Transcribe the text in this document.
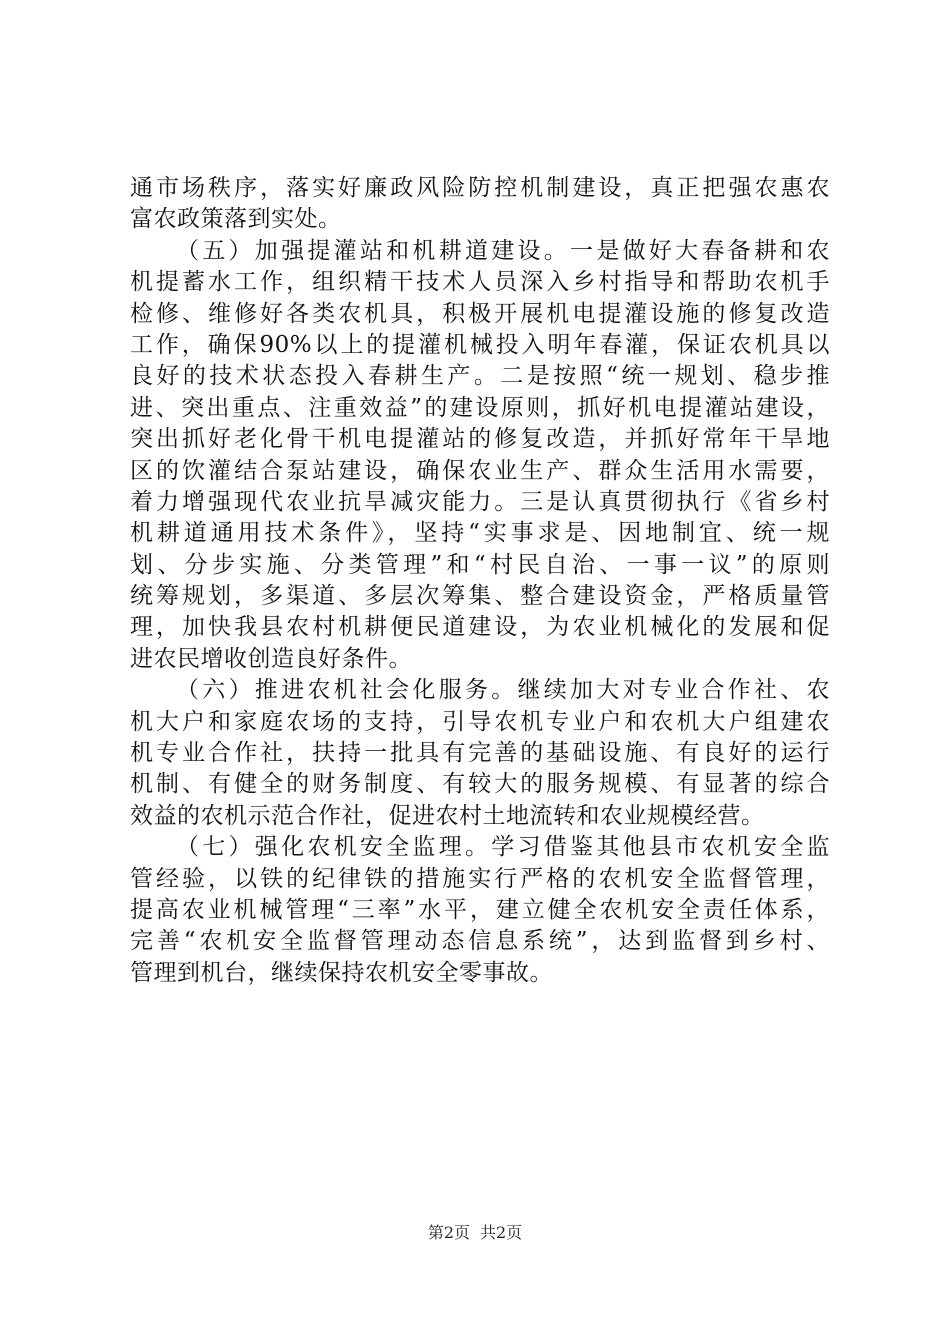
通市场秩序，落实好廉政风险防控机制建设，真正把强农惠农
富农政策落到实处。
（五）加强提灌站和机耕道建设。一是做好大春备耕和农
机提蓄水工作，组织精干技术人员深入乡村指导和帮助农机手
检修、维修好各类农机具，积极开展机电提灌设施的修复改造
工作，确保90%以上的提灌机械投入明年春灌，保证农机具以
良好的技术状态投入春耕生产。二是按照“统一规划、稳步推
进、突出重点、注重效益”的建设原则，抓好机电提灌站建设，
突出抓好老化骨干机电提灌站的修复改造，并抓好常年干旱地
区的饮灌结合泵站建设，确保农业生产、群众生活用水需要，
着力增强现代农业抗旱减灾能力。三是认真贯彻执行《省乡村
机耕道通用技术条件》，坚持“实事求是、因地制宜、统一规
划、分步实施、分类管理”和“村民自治、一事一议”的原则
统筹规划，多渠道、多层次筹集、整合建设资金，严格质量管
理，加快我县农村机耕便民道建设，为农业机械化的发展和促
进农民增收创造良好条件。
（六）推进农机社会化服务。继续加大对专业合作社、农
机大户和家庭农场的支持，引导农机专业户和农机大户组建农
机专业合作社，扶持一批具有完善的基础设施、有良好的运行
机制、有健全的财务制度、有较大的服务规模、有显著的综合
效益的农机示范合作社，促进农村土地流转和农业规模经营。
（七）强化农机安全监理。学习借鉴其他县市农机安全监
管经验，以铁的纪律铁的措施实行严格的农机安全监督管理，
提高农业机械管理“三率”水平，建立健全农机安全责任体系，
完善“农机安全监督管理动态信息系统”，达到监督到乡村、
管理到机台，继续保持农机安全零事故。
第2页 共2页
